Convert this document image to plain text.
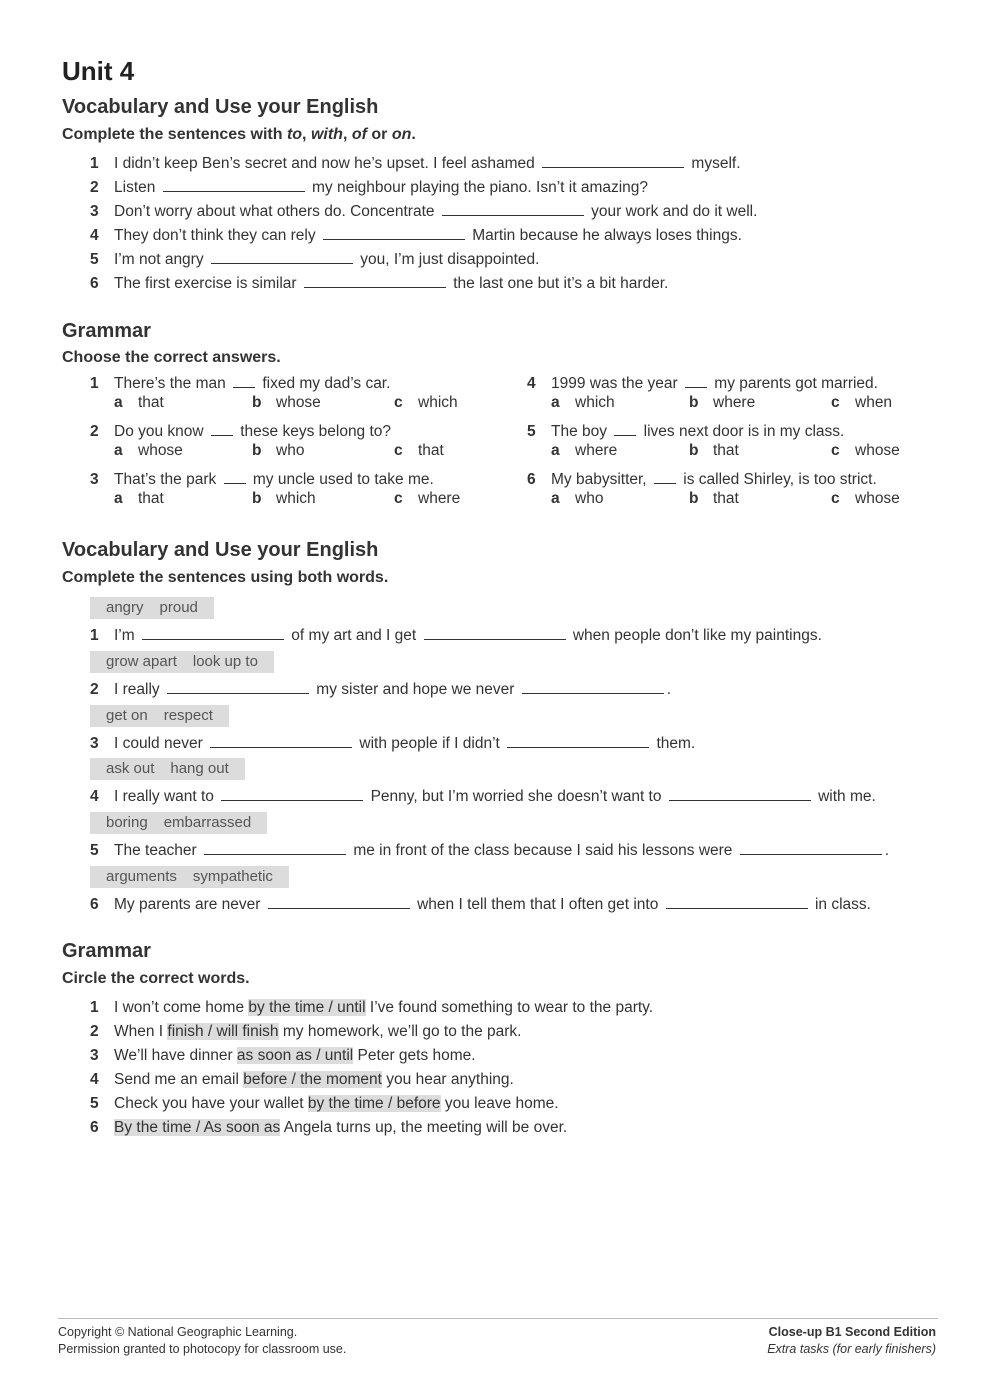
Unit 4
Vocabulary and Use your English
Complete the sentences with to, with, of or on.
1 I didn’t keep Ben’s secret and now he’s upset. I feel ashamed	myself.
2 Listen	my neighbour playing the piano. Isn’t it amazing?
3 Don’t worry about what others do. Concentrate	your work and do it well.
4 They don’t think they can rely	Martin because he always loses things.
5 I’m not angry	you, I’m just disappointed.
6 The first exercise is similar	the last one but it’s a bit harder.
Grammar
Choose the correct answers.
1 There’s the man fixed my dad’s car.
a that	b whose	c which
2 Do you know these keys belong to?
a whose	b who	c that
3 That’s the park my uncle used to take me.
a that	b which	c where
4 1999 was the year my parents got married.
a which	b where	c when
5 The boy lives next door is in my class.
a where	b that	c whose
6 My babysitter, is called Shirley, is too strict.
a who	b that	c whose
Vocabulary and Use your English
Complete the sentences using both words.
angry proud
1 I’m	of my art and I get	when people don’t like my paintings.
grow apart look up to
2 I really	my sister and hope we never	.
get on respect
3 I could never	with people if I didn’t	them.
ask out hang out
4 I really want to	Penny, but I’m worried she doesn’t want to	with me.
boring embarrassed
5 The teacher	me in front of the class because I said his lessons were	.
arguments sympathetic
6 My parents are never	when I tell them that I often get into	in class.
Grammar
Circle the correct words.
1 I won’t come home by the time / until I’ve found something to wear to the party.
2 When I finish / will finish my homework, we’ll go to the park.
3 We’ll have dinner as soon as / until Peter gets home.
4 Send me an email before / the moment you hear anything.
5 Check you have your wallet by the time / before you leave home.
6 By the time / As soon as Angela turns up, the meeting will be over.
Copyright © National Geographic Learning.
Permission granted to photocopy for classroom use.
Close-up B1 Second Edition
Extra tasks (for early finishers)
